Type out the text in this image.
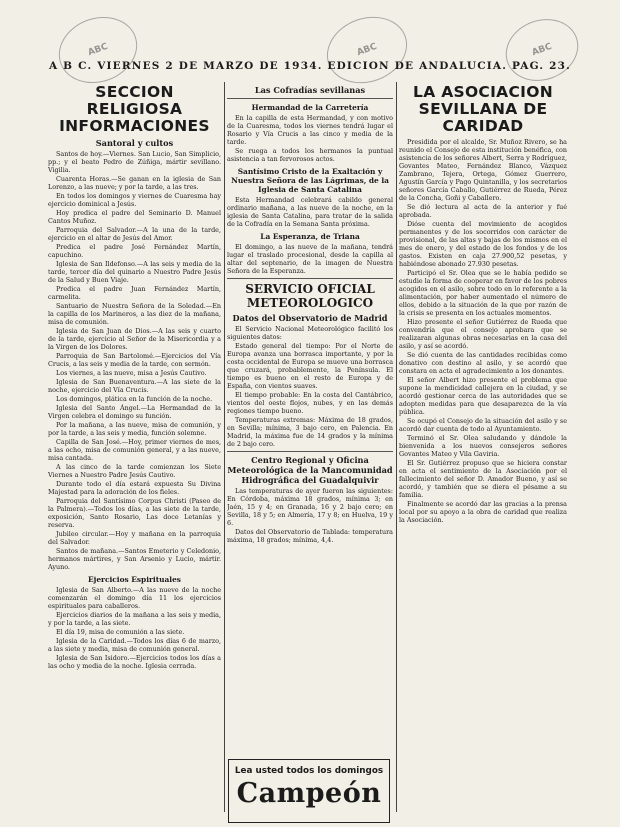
ABC	ABC	ABC
A B C. VIERNES 2 DE MARZO DE 1934. EDICION DE ANDALUCIA. PAG. 23.
SECCION RELIGIOSA INFORMACIONES
Santoral y cultos

Santos de hoy.—Viernes. San Lucio, San Simplicio, pp.; y el beato Pedro de Zúñiga, mártir sevillano. Vigilia.

Cuarenta Horas.—Se ganan en la iglesia de San Lorenzo, a las nueve; y por la tarde, a las tres.

En todos los domingos y viernes de Cuaresma hay ejercicio dominical a Jesús.

Hoy predica el padre del Seminario D. Manuel Cantos Muñoz.

Parroquia del Salvador.—A la una de la tarde, ejercicio en el altar de Jesús del Amor.

Predica el padre José Fernández Martín, capuchino.

Iglesia de San Ildefonso.—A las seis y media de la tarde, tercer día del quinario a Nuestro Padre Jesús de la Salud y Buen Viaje.

Predica el padre Juan Fernández Martín, carmelita.

Santuario de Nuestra Señora de la Soledad.—En la capilla de los Marineros, a las diez de la mañana, misa de comunión.

Iglesia de San Juan de Dios.—A las seis y cuarto de la tarde, ejercicio al Señor de la Misericordia y a la Virgen de los Dolores.

Parroquia de San Bartolomé.—Ejercicios del Vía Crucis, a las seis y media de la tarde, con sermón.

Los viernes, a las nueve, misa a Jesús Cautivo.

Iglesia de San Buenaventura.—A las siete de la noche, ejercicio del Vía Crucis.

Los domingos, plática en la función de la noche.

Iglesia del Santo Ángel.—La Hermandad de la Virgen celebra el domingo su función.

Por la mañana, a las nueve, misa de comunión, y por la tarde, a las seis y media, función solemne.

Capilla de San José.—Hoy, primer viernes de mes, a las ocho, misa de comunión general, y a las nueve, misa cantada.

A las cinco de la tarde comienzan los Siete Viernes a Nuestro Padre Jesús Cautivo.

Durante todo el día estará expuesta Su Divina Majestad para la adoración de los fieles.

Parroquia del Santísimo Corpus Christi (Paseo de la Palmera).—Todos los días, a las siete de la tarde, exposición, Santo Rosario, Las doce Letanías y reserva.

Jubileo circular.—Hoy y mañana en la parroquia del Salvador.

Santos de mañana.—Santos Emeterio y Celedonio, hermanos mártires, y San Arsenio y Lucio, mártir. Ayuno.

Ejercicios Espirituales

Iglesia de San Alberto.—A las nueve de la noche comenzarán el domingo día 11 los ejercicios espirituales para caballeros.

Ejercicios diarios de la mañana a las seis y media, y por la tarde, a las siete.

El día 19, misa de comunión a las siete.

Iglesia de la Caridad.—Todos los días 6 de marzo, a las siete y media, misa de comunión general.

Iglesia de San Isidoro.—Ejercicios todos los días a las ocho y media de la noche. Iglesia cerrada.

Las Cofradías sevillanas
Hermandad de la Carretería

En la capilla de esta Hermandad, y con motivo de la Cuaresma, todos los viernes tendrá lugar el Rosario y Vía Crucis a las cinco y media de la tarde.

Se ruega a todos los hermanos la puntual asistencia a tan fervorosos actos.

Santísimo Cristo de la Exaltación y Nuestra Señora de las Lágrimas, de la Iglesia de Santa Catalina

Esta Hermandad celebrará cabildo general ordinario mañana, a las nueve de la noche, en la iglesia de Santa Catalina, para tratar de la salida de la Cofradía en la Semana Santa próxima.

La Esperanza, de Triana

El domingo, a las nueve de la mañana, tendrá lugar el traslado procesional, desde la capilla al altar del septenario, de la imagen de Nuestra Señora de la Esperanza.

SERVICIO OFICIAL METEOROLOGICO
Datos del Observatorio de Madrid

El Servicio Nacional Meteorológico facilitó los siguientes datos:

Estado general del tiempo: Por el Norte de Europa avanza una borrasca importante, y por la costa occidental de Europa se mueve una borrasca que cruzará, probablemente, la Península. El tiempo es bueno en el resto de Europa y de España, con vientos suaves.

El tiempo probable: En la costa del Cantábrico, vientos del oeste flojos, nubes, y en las demás regiones tiempo bueno.

Temperaturas extremas: Máxima de 18 grados, en Sevilla; mínima, 3 bajo cero, en Palencia. En Madrid, la máxima fue de 14 grados y la mínima de 2 bajo cero.

Centro Regional y Oficina Meteorológica de la Mancomunidad Hidrográfica del Guadalquivir

Las temperaturas de ayer fueron las siguientes: En Córdoba, máxima 18 grados, mínima 3; en Jaén, 15 y 4; en Granada, 16 y 2 bajo cero; en Sevilla, 18 y 5; en Almería, 17 y 8; en Huelva, 19 y 6.

Datos del Observatorio de Tablada: temperatura máxima, 18 grados; mínima, 4,4.

Lea usted todos los domingos
Campeón
LA ASOCIACION SEVILLANA DE CARIDAD

Presidida por el alcalde, Sr. Muñoz Rivero, se ha reunido el Consejo de esta institución benéfica, con asistencia de los señores Albert, Serra y Rodríguez, Govantes Mateo, Fernández Blanco, Vázquez Zambrano, Tejera, Ortega, Gómez Guerrero, Agustín García y Pago Quintanilla, y los secretarios señores García Caballo, Gutiérrez de Rueda, Pérez de la Concha, Goñi y Caballero.

Se dió lectura al acta de la anterior y fué aprobada.

Dióse cuenta del movimiento de acogidos permanentes y de los socorridos con carácter de provisional, de las altas y bajas de los mismos en el mes de enero, y del estado de los fondos y de los gastos. Existen en caja 27.900,52 pesetas, y habiéndose abonado 27.930 pesetas.

Participó el Sr. Olea que se le había pedido se estudie la forma de cooperar en favor de los pobres acogidos en el asilo, sobre todo en lo referente a la alimentación, por haber aumentado el número de ellos, debido a la situación de la que por razón de la crisis se presenta en los actuales momentos.

Hizo presente el señor Gutiérrez de Rueda que convendría que el consejo aprobara que se realizaran algunas obras necesarias en la casa del asilo, y así se acordó.

Se dió cuenta de las cantidades recibidas como donativo con destino al asilo, y se acordó que constara en acta el agradecimiento a los donantes.

El señor Albert hizo presente el problema que supone la mendicidad callejera en la ciudad, y se acordó gestionar cerca de las autoridades que se adopten medidas para que desaparezca de la vía pública.

Se ocupó el Consejo de la situación del asilo y se acordó dar cuenta de todo al Ayuntamiento.

Terminó el Sr. Olea saludando y dándole la bienvenida a los nuevos consejeros señores Govantes Mateo y Vila Gaviria.

El Sr. Gutiérrez propuso que se hiciera constar en acta el sentimiento de la Asociación por el fallecimiento del señor D. Amador Bueno, y así se acordó, y también que se diera el pésame a su familia.

Finalmente se acordó dar las gracias a la prensa local por su apoyo a la obra de caridad que realiza la Asociación.
